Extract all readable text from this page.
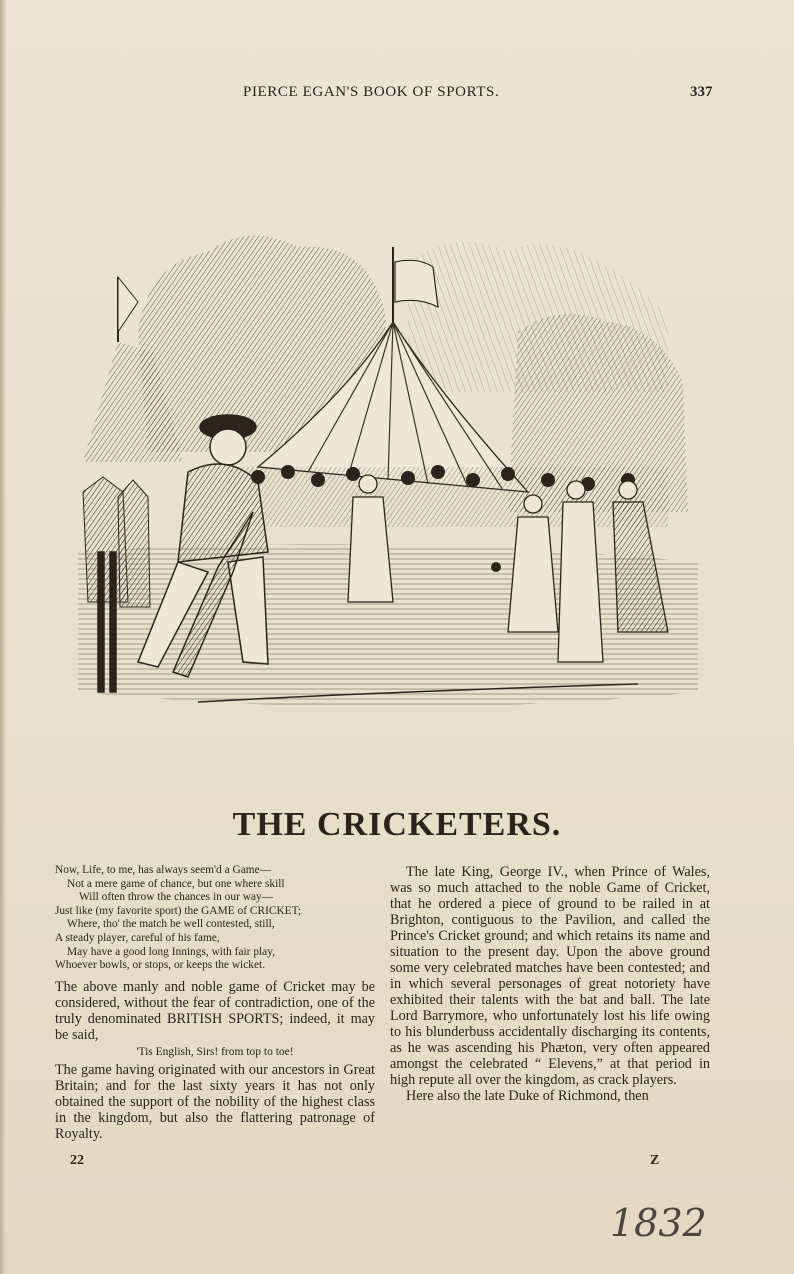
PIERCE EGAN'S BOOK OF SPORTS.	337
THE CRICKETERS.
Now, Life, to me, has always seem'd a Game—
Not a mere game of chance, but one where skill
Will often throw the chances in our way—
Just like (my favorite sport) the GAME of CRICKET;
Where, tho' the match be well contested, still,
A steady player, careful of his fame,
May have a good long Innings, with fair play,
Whoever bowls, or stops, or keeps the wicket.

The above manly and noble game of Cricket may be considered, without the fear of contradiction, one of the truly denominated BRITISH SPORTS; indeed, it may be said,

'Tis English, Sirs! from top to toe!

The game having originated with our ancestors in Great Britain; and for the last sixty years it has not only obtained the support of the nobility of the highest class in the kingdom, but also the flattering patronage of Royalty.

The late King, George IV., when Prince of Wales, was so much attached to the noble Game of Cricket, that he ordered a piece of ground to be railed in at Brighton, contiguous to the Pavilion, and called the Prince's Cricket ground; and which retains its name and situation to the present day. Upon the above ground some very celebrated matches have been contested; and in which several personages of great notoriety have exhibited their talents with the bat and ball. The late Lord Barrymore, who unfortunately lost his life owing to his blunderbuss accidentally discharging its contents, as he was ascending his Phæton, very often appeared amongst the celebrated “ Elevens,” at that period in high repute all over the kingdom, as crack players.

Here also the late Duke of Richmond, then

22	Z
1832
